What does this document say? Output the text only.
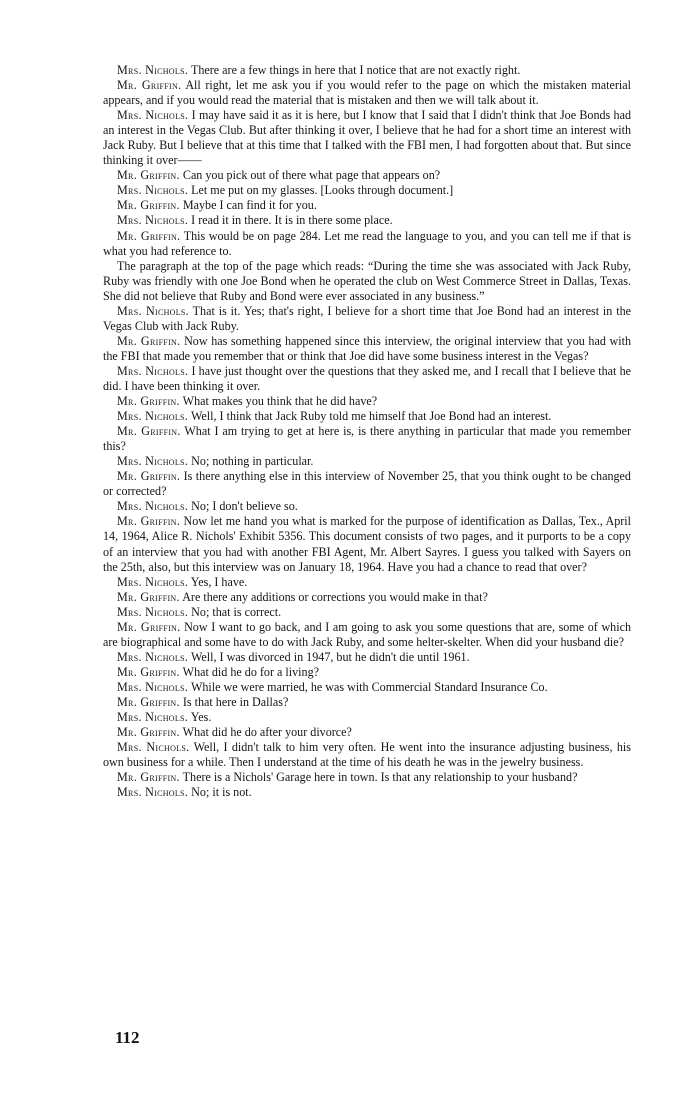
Mrs. Nichols. There are a few things in here that I notice that are not exactly right.

Mr. Griffin. All right, let me ask you if you would refer to the page on which the mistaken material appears, and if you would read the material that is mistaken and then we will talk about it.

Mrs. Nichols. I may have said it as it is here, but I know that I said that I didn't think that Joe Bonds had an interest in the Vegas Club. But after thinking it over, I believe that he had for a short time an interest with Jack Ruby. But I believe that at this time that I talked with the FBI men, I had forgotten about that. But since thinking it over——

Mr. Griffin. Can you pick out of there what page that appears on?

Mrs. Nichols. Let me put on my glasses. [Looks through document.]

Mr. Griffin. Maybe I can find it for you.

Mrs. Nichols. I read it in there. It is in there some place.

Mr. Griffin. This would be on page 284. Let me read the language to you, and you can tell me if that is what you had reference to.

The paragraph at the top of the page which reads: “During the time she was associated with Jack Ruby, Ruby was friendly with one Joe Bond when he operated the club on West Commerce Street in Dallas, Texas. She did not believe that Ruby and Bond were ever associated in any business.”

Mrs. Nichols. That is it. Yes; that's right, I believe for a short time that Joe Bond had an interest in the Vegas Club with Jack Ruby.

Mr. Griffin. Now has something happened since this interview, the original interview that you had with the FBI that made you remember that or think that Joe did have some business interest in the Vegas?

Mrs. Nichols. I have just thought over the questions that they asked me, and I recall that I believe that he did. I have been thinking it over.

Mr. Griffin. What makes you think that he did have?

Mrs. Nichols. Well, I think that Jack Ruby told me himself that Joe Bond had an interest.

Mr. Griffin. What I am trying to get at here is, is there anything in particular that made you remember this?

Mrs. Nichols. No; nothing in particular.

Mr. Griffin. Is there anything else in this interview of November 25, that you think ought to be changed or corrected?

Mrs. Nichols. No; I don't believe so.

Mr. Griffin. Now let me hand you what is marked for the purpose of identification as Dallas, Tex., April 14, 1964, Alice R. Nichols' Exhibit 5356. This document consists of two pages, and it purports to be a copy of an interview that you had with another FBI Agent, Mr. Albert Sayres. I guess you talked with Sayers on the 25th, also, but this interview was on January 18, 1964. Have you had a chance to read that over?

Mrs. Nichols. Yes, I have.

Mr. Griffin. Are there any additions or corrections you would make in that?

Mrs. Nichols. No; that is correct.

Mr. Griffin. Now I want to go back, and I am going to ask you some questions that are, some of which are biographical and some have to do with Jack Ruby, and some helter-skelter. When did your husband die?

Mrs. Nichols. Well, I was divorced in 1947, but he didn't die until 1961.

Mr. Griffin. What did he do for a living?

Mrs. Nichols. While we were married, he was with Commercial Standard Insurance Co.

Mr. Griffin. Is that here in Dallas?

Mrs. Nichols. Yes.

Mr. Griffin. What did he do after your divorce?

Mrs. Nichols. Well, I didn't talk to him very often. He went into the insurance adjusting business, his own business for a while. Then I understand at the time of his death he was in the jewelry business.

Mr. Griffin. There is a Nichols' Garage here in town. Is that any relationship to your husband?

Mrs. Nichols. No; it is not.

112
